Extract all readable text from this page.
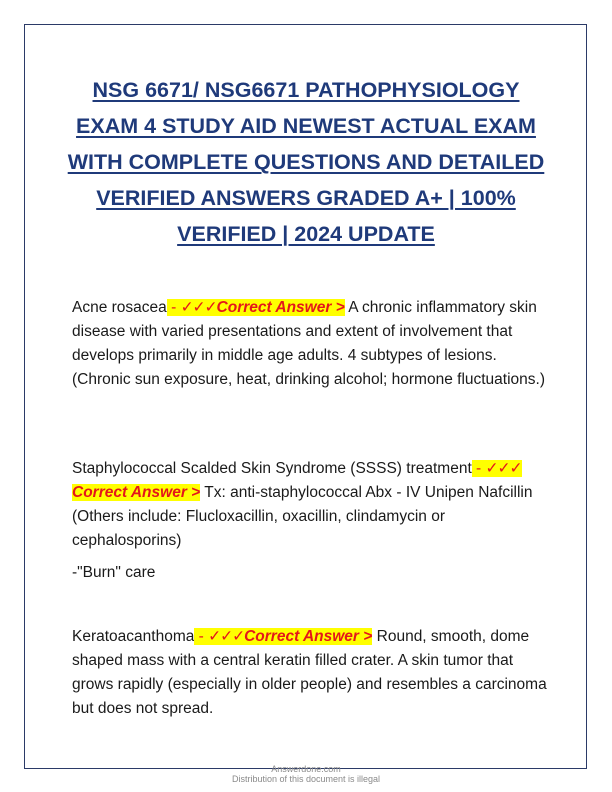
NSG 6671/ NSG6671 PATHOPHYSIOLOGY EXAM 4 STUDY AID NEWEST ACTUAL EXAM WITH COMPLETE QUESTIONS AND DETAILED VERIFIED ANSWERS GRADED A+ | 100% VERIFIED | 2024 UPDATE

Acne rosacea - ✓✓✓Correct Answer > A chronic inflammatory skin disease with varied presentations and extent of involvement that develops primarily in middle age adults. 4 subtypes of lesions. (Chronic sun exposure, heat, drinking alcohol; hormone fluctuations.)

Staphylococcal Scalded Skin Syndrome (SSSS) treatment - ✓✓✓ Correct Answer > Tx: anti-staphylococcal Abx - IV Unipen Nafcillin (Others include: Flucloxacillin, oxacillin, clindamycin or cephalosporins)

-"Burn" care

Keratoacanthoma - ✓✓✓Correct Answer > Round, smooth, dome shaped mass with a central keratin filled crater. A skin tumor that grows rapidly (especially in older people) and resembles a carcinoma but does not spread.

Answerdone.com
Distribution of this document is illegal
